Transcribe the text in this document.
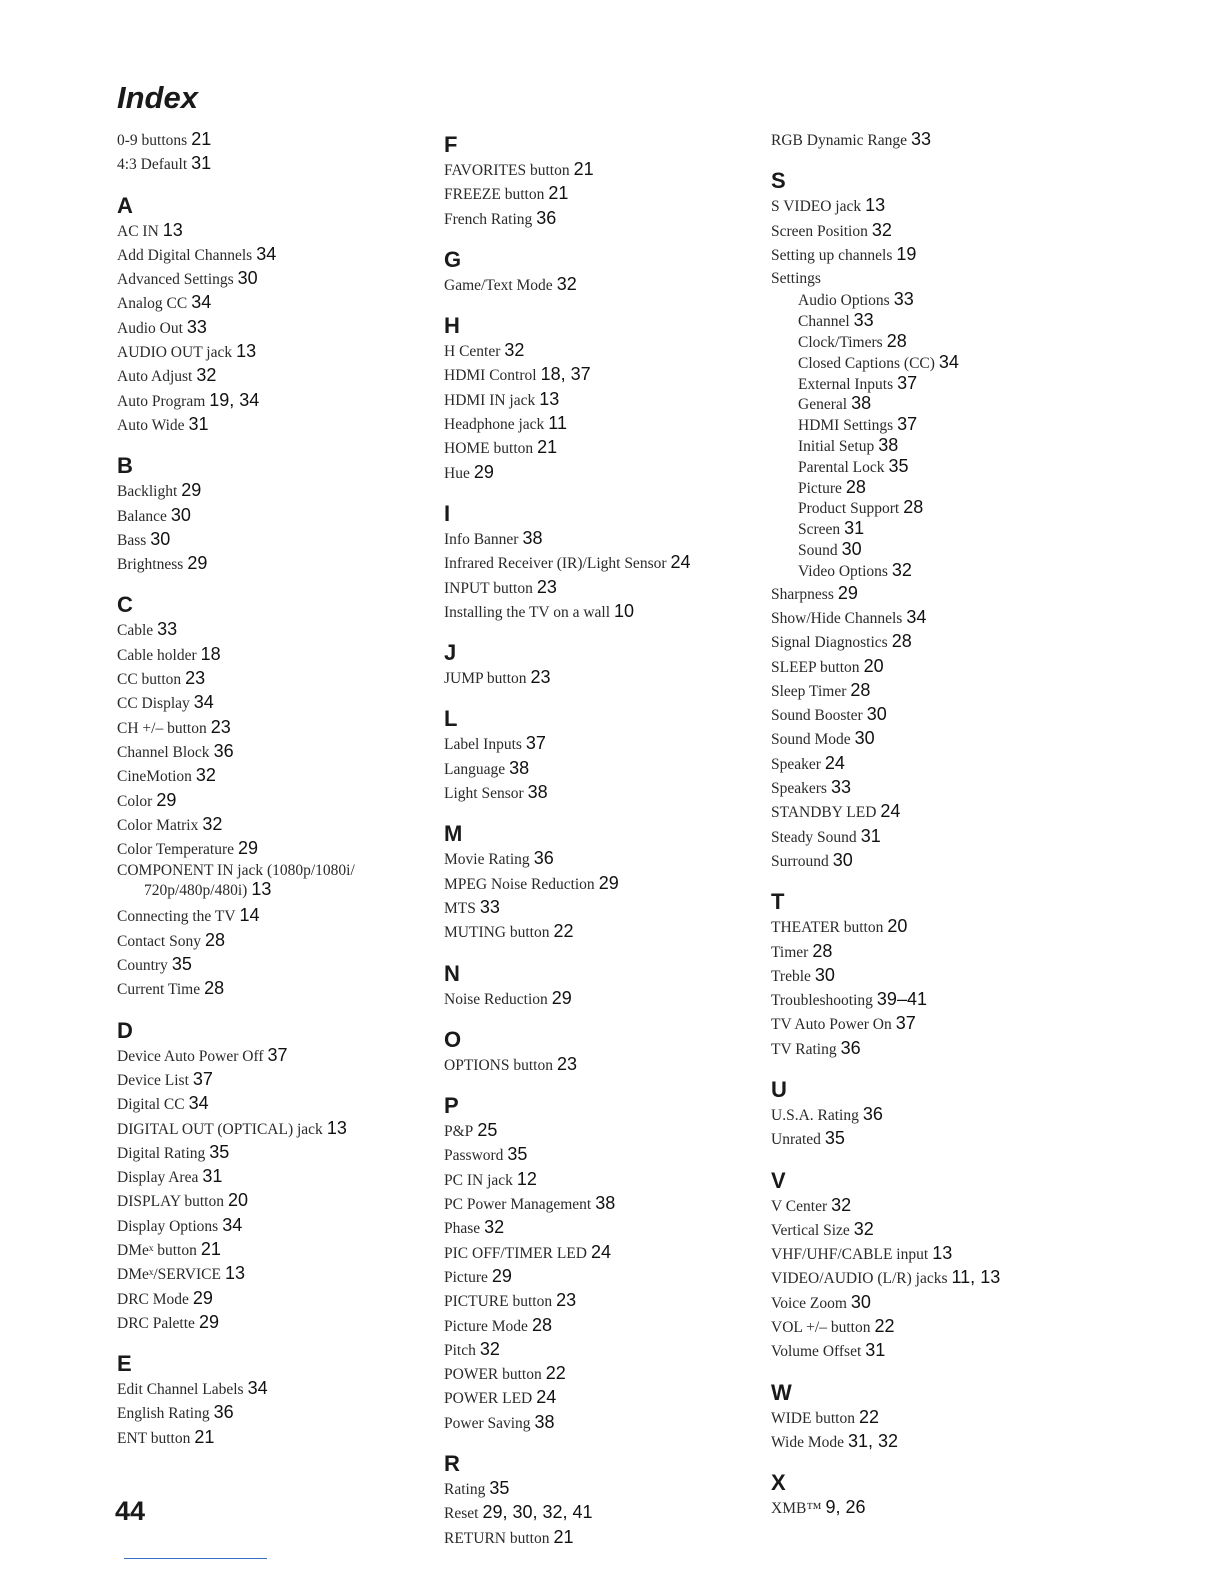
Index
0-9 buttons 21
4:3 Default 31
A
AC IN 13
Add Digital Channels 34
Advanced Settings 30
Analog CC 34
Audio Out 33
AUDIO OUT jack 13
Auto Adjust 32
Auto Program 19, 34
Auto Wide 31
B
Backlight 29
Balance 30
Bass 30
Brightness 29
C
Cable 33
Cable holder 18
CC button 23
CC Display 34
CH +/– button 23
Channel Block 36
CineMotion 32
Color 29
Color Matrix 32
Color Temperature 29
COMPONENT IN jack (1080p/1080i/
720p/480p/480i) 13
Connecting the TV 14
Contact Sony 28
Country 35
Current Time 28
D
Device Auto Power Off 37
Device List 37
Digital CC 34
DIGITAL OUT (OPTICAL) jack 13
Digital Rating 35
Display Area 31
DISPLAY button 20
Display Options 34
DMeˣ button 21
DMeˣ/SERVICE 13
DRC Mode 29
DRC Palette 29
E
Edit Channel Labels 34
English Rating 36
ENT button 21
F
FAVORITES button 21
FREEZE button 21
French Rating 36
G
Game/Text Mode 32
H
H Center 32
HDMI Control 18, 37
HDMI IN jack 13
Headphone jack 11
HOME button 21
Hue 29
I
Info Banner 38
Infrared Receiver (IR)/Light Sensor 24
INPUT button 23
Installing the TV on a wall 10
J
JUMP button 23
L
Label Inputs 37
Language 38
Light Sensor 38
M
Movie Rating 36
MPEG Noise Reduction 29
MTS 33
MUTING button 22
N
Noise Reduction 29
O
OPTIONS button 23
P
P&P 25
Password 35
PC IN jack 12
PC Power Management 38
Phase 32
PIC OFF/TIMER LED 24
Picture 29
PICTURE button 23
Picture Mode 28
Pitch 32
POWER button 22
POWER LED 24
Power Saving 38
R
Rating 35
Reset 29, 30, 32, 41
RETURN button 21
RGB Dynamic Range 33
S
S VIDEO jack 13
Screen Position 32
Setting up channels 19
Settings
Audio Options 33
Channel 33
Clock/Timers 28
Closed Captions (CC) 34
External Inputs 37
General 38
HDMI Settings 37
Initial Setup 38
Parental Lock 35
Picture 28
Product Support 28
Screen 31
Sound 30
Video Options 32
Sharpness 29
Show/Hide Channels 34
Signal Diagnostics 28
SLEEP button 20
Sleep Timer 28
Sound Booster 30
Sound Mode 30
Speaker 24
Speakers 33
STANDBY LED 24
Steady Sound 31
Surround 30
T
THEATER button 20
Timer 28
Treble 30
Troubleshooting 39–41
TV Auto Power On 37
TV Rating 36
U
U.S.A. Rating 36
Unrated 35
V
V Center 32
Vertical Size 32
VHF/UHF/CABLE input 13
VIDEO/AUDIO (L/R) jacks 11, 13
Voice Zoom 30
VOL +/– button 22
Volume Offset 31
W
WIDE button 22
Wide Mode 31, 32
X
XMB™ 9, 26
44
